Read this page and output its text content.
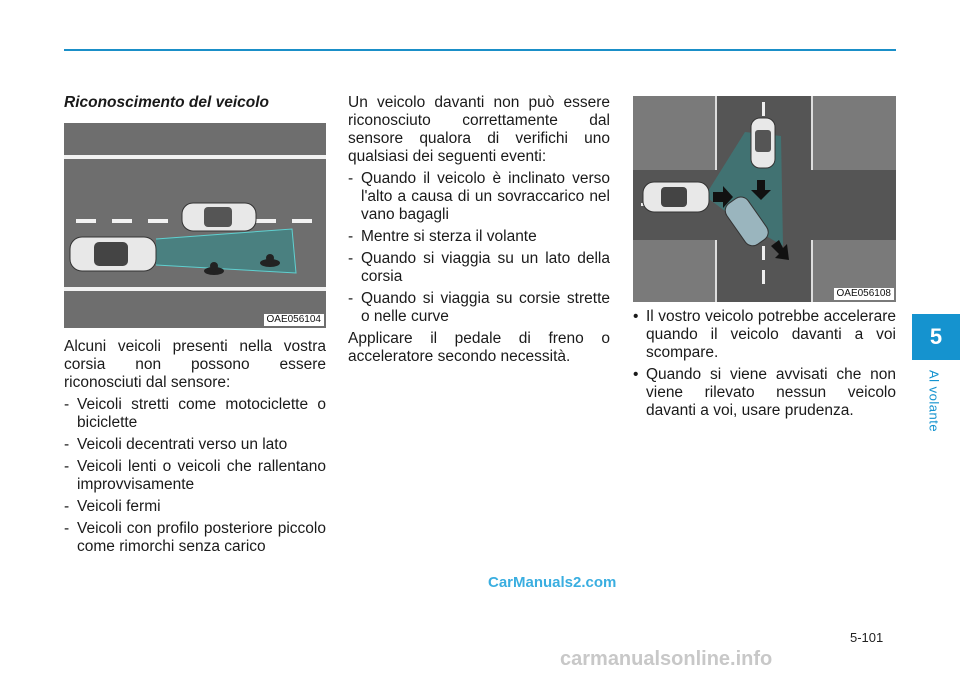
Riconoscimento del veicolo

OAE056104

Alcuni veicoli presenti nella vostra corsia non possono essere riconosciuti dal sensore:

- Veicoli stretti come motociclette o biciclette
- Veicoli decentrati verso un lato
- Veicoli lenti o veicoli che rallentano improvvisamente
- Veicoli fermi
- Veicoli con profilo posteriore piccolo come rimorchi senza carico

Un veicolo davanti non può essere riconosciuto correttamente dal sensore qualora di verifichi uno qualsiasi dei seguenti eventi:

- Quando il veicolo è inclinato verso l'alto a causa di un sovraccarico nel vano bagagli
- Mentre si sterza il volante
- Quando si viaggia su un lato della corsia
- Quando si viaggia su corsie strette o nelle curve

Applicare il pedale di freno o acceleratore secondo necessità.

OAE056108
• Il vostro veicolo potrebbe accelerare quando il veicolo davanti a voi scompare.
• Quando si viene avvisati che non viene rilevato nessun veicolo davanti a voi, usare prudenza.
5
Al volante
CarManuals2.com
5-101
carmanualsonline.info
